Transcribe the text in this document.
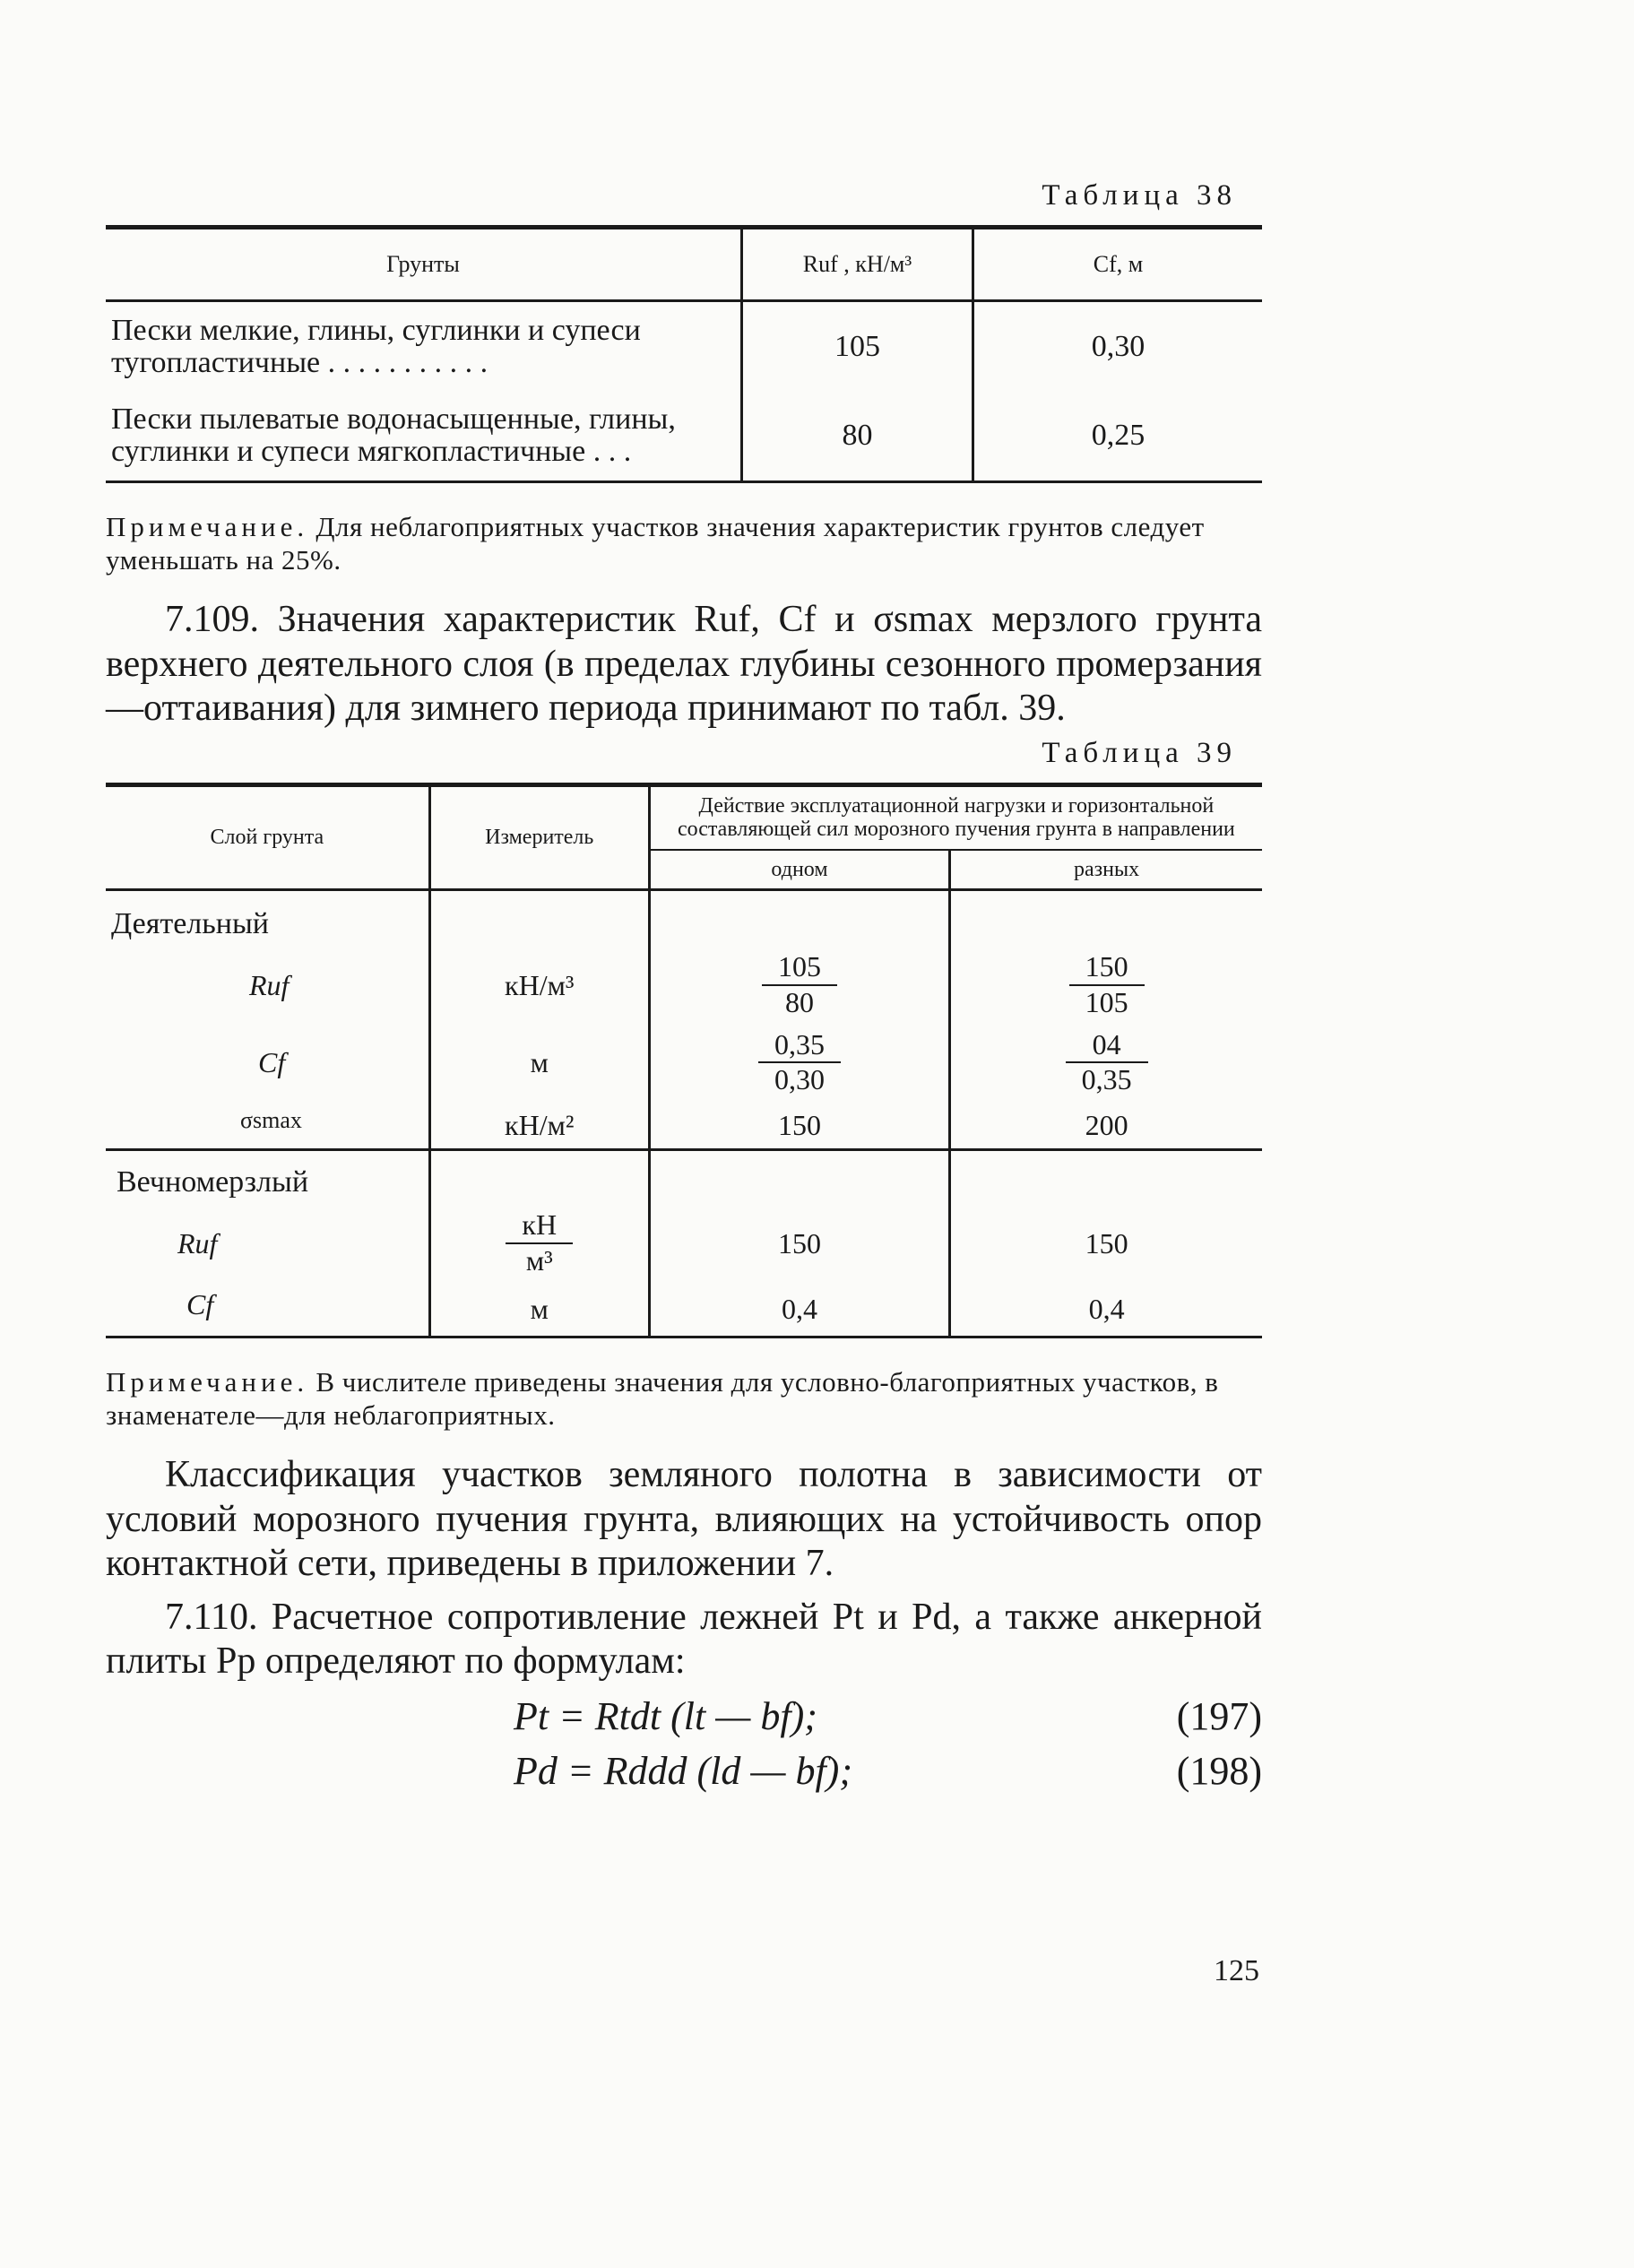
Таблица 38
Грунты	Ruf , кН/м³	Cf, м
Пески мелкие, глины, суглинки и супеси тугопластичные . . . . . . . . . . .	105	0,30
Пески пылеватые водонасыщенные, глины, суглинки и супеси мягкопластичные . . .	80	0,25

Примечание. Для неблагоприятных участков значения характеристик грунтов следует уменьшать на 25%.

7.109. Значения характеристик Ruf, Cf и σsmax мерзлого грунта верхнего деятельного слоя (в пределах глубины сезонного промерзания—оттаивания) для зимнего периода принимают по табл. 39.

Таблица 39
Слой грунта	Измеритель	Действие эксплуатационной нагрузки и горизонтальной составляющей сил морозного пучения грунта в направлении	
		одном	разных
Деятельный			
Ruf	кН/м³	$\frac{105}{80}$	$\frac{150}{105}$

Cf	м	$\frac{0,35}{0,30}$	$\frac{04}{0,35}$

σsmax	кН/м²	150	200
Вечномерзлый			
Ruf	$\frac{кН}{\text{м³}}$	150	150
Cf	м	0,4	0,4

Примечание. В числителе приведены значения для условно-благоприятных участков, в знаменателе—для неблагоприятных.

Классификация участков земляного полотна в зависимости от условий морозного пучения грунта, влияющих на устойчивость опор контактной сети, приведены в приложении 7.

7.110. Расчетное сопротивление лежней Pt и Pd, а также анкерной плиты Pp определяют по формулам:

Pt = Rtdt (lt — bf);	(197)
Pd = Rddd (ld — bf);	(198)
125
